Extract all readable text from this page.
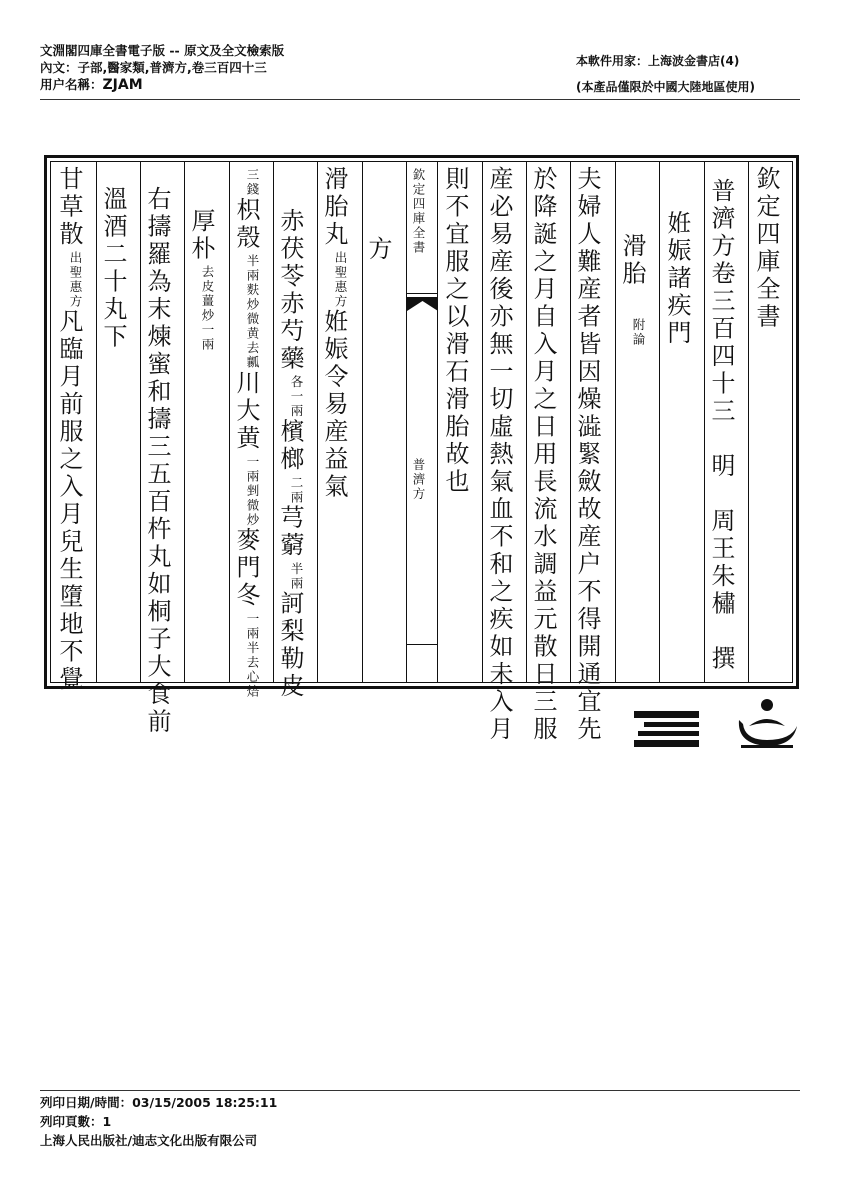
文淵閣四庫全書電子版 -- 原文及全文檢索版
內文：子部,醫家類,普濟方,卷三百四十三
用户名稱：ZJAM
本軟件用家：上海波金書店(4)
(本產品僅限於中國大陸地區使用)
欽定四庫全書
普濟方卷三百四十三　明　周王朱橚　撰
姙娠諸疾門
滑胎附論
夫婦人難産者皆因燥澁緊斂故産户不得開通宜先
於降誕之月自入月之日用長流水調益元散日三服
産必易産後亦無一切虛熱氣血不和之疾如未入月
則不宜服之以滑石滑胎故也
欽定四庫全書
普濟方
方
滑胎丸出聖惠方姙娠令易産益氣
赤茯苓赤芍藥各一兩檳榔二兩芎藭半兩訶梨勒皮
三錢枳殼半兩麩炒微黄去瓤川大黄一兩剉微炒麥門冬一兩半去心焙
厚朴去皮薑炒一兩
右擣羅為末煉蜜和擣三五百杵丸如桐子大食前
溫酒二十丸下
甘草散出聖惠方凡臨月前服之入月兒生墮地不覺
列印日期/時間：03/15/2005 18:25:11
列印頁數：1
上海人民出版社/迪志文化出版有限公司
